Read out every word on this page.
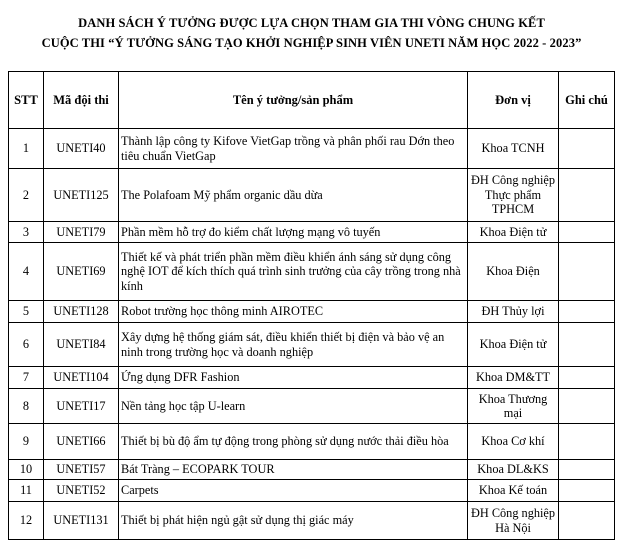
DANH SÁCH Ý TƯỞNG ĐƯỢC LỰA CHỌN THAM GIA THI VÒNG CHUNG KẾT
CUỘC THI “Ý TƯỞNG SÁNG TẠO KHỞI NGHIỆP SINH VIÊN UNETI NĂM HỌC 2022 - 2023”
STT	Mã đội thi	Tên ý tưởng/sản phẩm	Đơn vị	Ghi chú
1	UNETI40	Thành lập công ty Kifove VietGap trồng và phân phối rau Dớn theo tiêu chuẩn VietGap	Khoa TCNH	
2	UNETI125	The Polafoam Mỹ phẩm organic dầu dừa	ĐH Công nghiệp Thực phẩm TPHCM	
3	UNETI79	Phần mềm hỗ trợ đo kiểm chất lượng mạng vô tuyến	Khoa Điện tử	
4	UNETI69	Thiết kế và phát triển phần mềm điều khiển ánh sáng sử dụng công nghệ IOT để kích thích quá trình sinh trưởng của cây trồng trong nhà kính	Khoa Điện	
5	UNETI128	Robot trường học thông minh AIROTEC	ĐH Thủy lợi	
6	UNETI84	Xây dựng hệ thống giám sát, điều khiển thiết bị điện và bảo vệ an ninh trong trường học và doanh nghiệp	Khoa Điện tử	
7	UNETI104	Ứng dụng DFR Fashion	Khoa DM&TT	
8	UNETI17	Nền tảng học tập U-learn	Khoa Thương mại	
9	UNETI66	Thiết bị bù độ ẩm tự động trong phòng sử dụng nước thải điều hòa	Khoa Cơ khí	
10	UNETI57	Bát Tràng – ECOPARK TOUR	Khoa DL&KS	
11	UNETI52	Carpets	Khoa Kế toán	
12	UNETI131	Thiết bị phát hiện ngủ gật sử dụng thị giác máy	ĐH Công nghiệp Hà Nội	
